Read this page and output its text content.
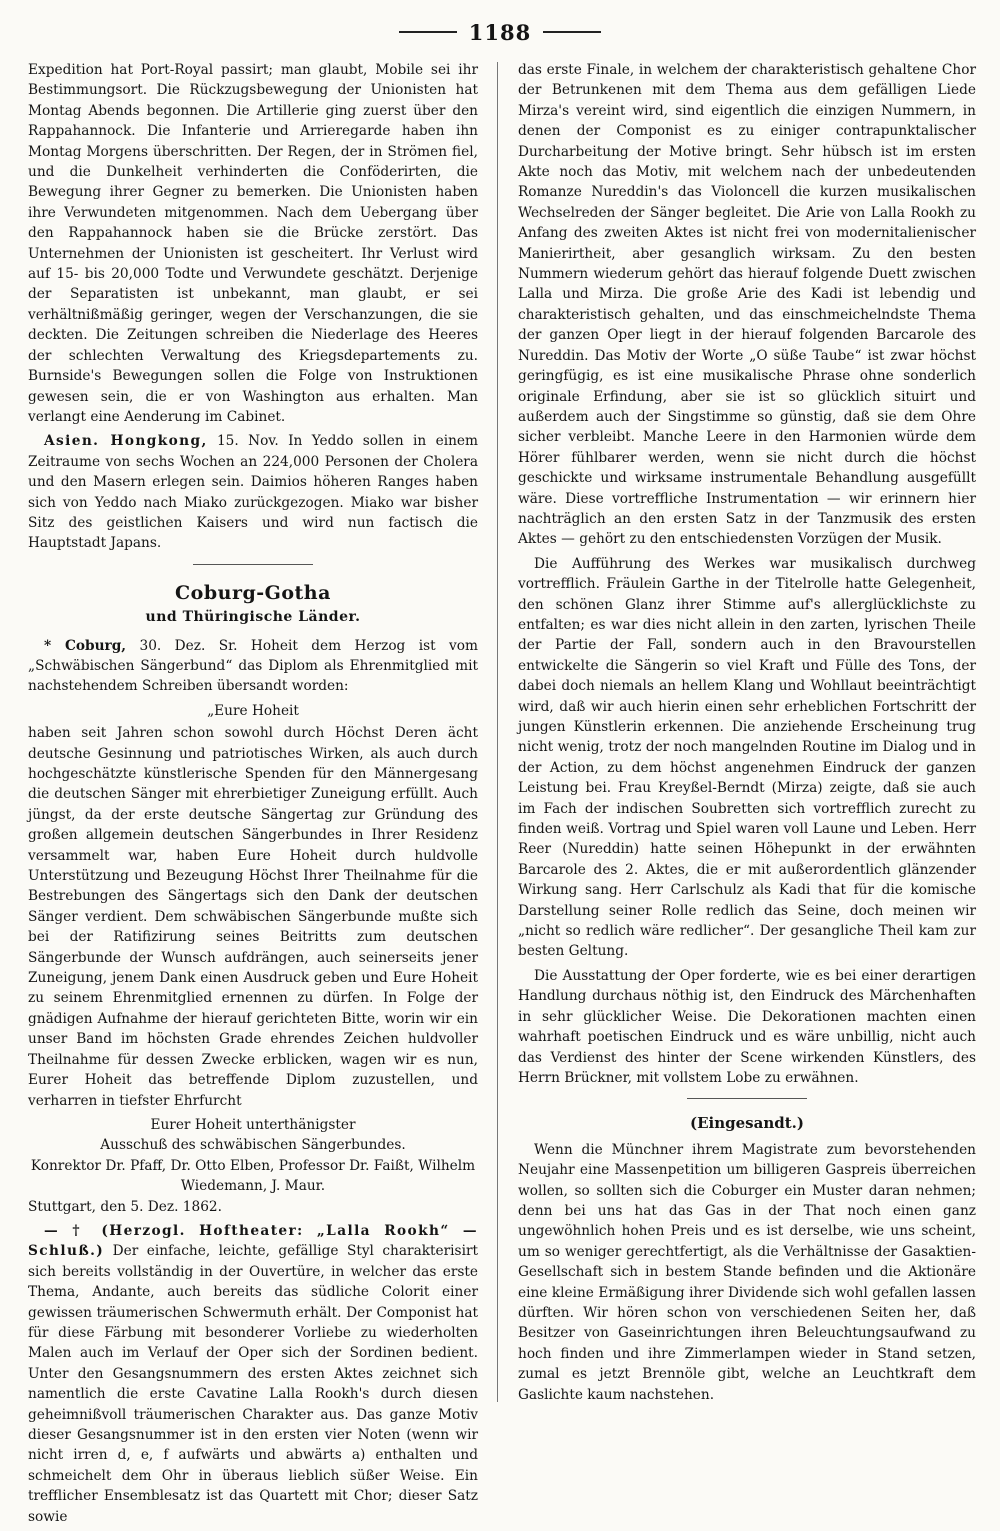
1188

Expedition hat Port-Royal passirt; man glaubt, Mobile sei ihr Bestimmungsort. Die Rückzugsbewegung der Unionisten hat Montag Abends begonnen. Die Artillerie ging zuerst über den Rappahannock. Die Infanterie und Arrieregarde haben ihn Montag Morgens überschritten. Der Regen, der in Strömen fiel, und die Dunkelheit verhinderten die Conföderirten, die Bewegung ihrer Gegner zu bemerken. Die Unionisten haben ihre Verwundeten mitgenommen. Nach dem Uebergang über den Rappahannock haben sie die Brücke zerstört. Das Unternehmen der Unionisten ist gescheitert. Ihr Verlust wird auf 15- bis 20,000 Todte und Verwundete geschätzt. Derjenige der Separatisten ist unbekannt, man glaubt, er sei verhältnißmäßig geringer, wegen der Verschanzungen, die sie deckten. Die Zeitungen schreiben die Niederlage des Heeres der schlechten Verwaltung des Kriegsdepartements zu. Burnside's Bewegungen sollen die Folge von Instruktionen gewesen sein, die er von Washington aus erhalten. Man verlangt eine Aenderung im Cabinet.

Asien. Hongkong, 15. Nov. In Yeddo sollen in einem Zeitraume von sechs Wochen an 224,000 Personen der Cholera und den Masern erlegen sein. Daimios höheren Ranges haben sich von Yeddo nach Miako zurückgezogen. Miako war bisher Sitz des geistlichen Kaisers und wird nun factisch die Hauptstadt Japans.

Coburg-Gotha
und Thüringische Länder.

* Coburg, 30. Dez. Sr. Hoheit dem Herzog ist vom „Schwäbischen Sängerbund“ das Diplom als Ehrenmitglied mit nachstehendem Schreiben übersandt worden:

„Eure Hoheit

haben seit Jahren schon sowohl durch Höchst Deren ächt deutsche Gesinnung und patriotisches Wirken, als auch durch hochgeschätzte künstlerische Spenden für den Männergesang die deutschen Sänger mit ehrerbietiger Zuneigung erfüllt. Auch jüngst, da der erste deutsche Sängertag zur Gründung des großen allgemein deutschen Sängerbundes in Ihrer Residenz versammelt war, haben Eure Hoheit durch huldvolle Unterstützung und Bezeugung Höchst Ihrer Theilnahme für die Bestrebungen des Sängertags sich den Dank der deutschen Sänger verdient. Dem schwäbischen Sängerbunde mußte sich bei der Ratifizirung seines Beitritts zum deutschen Sängerbunde der Wunsch aufdrängen, auch seinerseits jener Zuneigung, jenem Dank einen Ausdruck geben und Eure Hoheit zu seinem Ehrenmitglied ernennen zu dürfen. In Folge der gnädigen Aufnahme der hierauf gerichteten Bitte, worin wir ein unser Band im höchsten Grade ehrendes Zeichen huldvoller Theilnahme für dessen Zwecke erblicken, wagen wir es nun, Eurer Hoheit das betreffende Diplom zuzustellen, und verharren in tiefster Ehrfurcht

Eurer Hoheit unterthänigster
Ausschuß des schwäbischen Sängerbundes.
Konrektor Dr. Pfaff, Dr. Otto Elben, Professor Dr. Faißt, Wilhelm Wiedemann, J. Maur.
Stuttgart, den 5. Dez. 1862.

— † (Herzogl. Hoftheater: „Lalla Rookh“ — Schluß.) Der einfache, leichte, gefällige Styl charakterisirt sich bereits vollständig in der Ouvertüre, in welcher das erste Thema, Andante, auch bereits das südliche Colorit einer gewissen träumerischen Schwermuth erhält. Der Componist hat für diese Färbung mit besonderer Vorliebe zu wiederholten Malen auch im Verlauf der Oper sich der Sordinen bedient. Unter den Gesangsnummern des ersten Aktes zeichnet sich namentlich die erste Cavatine Lalla Rookh's durch diesen geheimnißvoll träumerischen Charakter aus. Das ganze Motiv dieser Gesangsnummer ist in den ersten vier Noten (wenn wir nicht irren d, e, f aufwärts und abwärts a) enthalten und schmeichelt dem Ohr in überaus lieblich süßer Weise. Ein trefflicher Ensemblesatz ist das Quartett mit Chor; dieser Satz sowie

das erste Finale, in welchem der charakteristisch gehaltene Chor der Betrunkenen mit dem Thema aus dem gefälligen Liede Mirza's vereint wird, sind eigentlich die einzigen Nummern, in denen der Componist es zu einiger contrapunktalischer Durcharbeitung der Motive bringt. Sehr hübsch ist im ersten Akte noch das Motiv, mit welchem nach der unbedeutenden Romanze Nureddin's das Violoncell die kurzen musikalischen Wechselreden der Sänger begleitet. Die Arie von Lalla Rookh zu Anfang des zweiten Aktes ist nicht frei von modernitalienischer Manierirtheit, aber gesanglich wirksam. Zu den besten Nummern wiederum gehört das hierauf folgende Duett zwischen Lalla und Mirza. Die große Arie des Kadi ist lebendig und charakteristisch gehalten, und das einschmeichelndste Thema der ganzen Oper liegt in der hierauf folgenden Barcarole des Nureddin. Das Motiv der Worte „O süße Taube“ ist zwar höchst geringfügig, es ist eine musikalische Phrase ohne sonderlich originale Erfindung, aber sie ist so glücklich situirt und außerdem auch der Singstimme so günstig, daß sie dem Ohre sicher verbleibt. Manche Leere in den Harmonien würde dem Hörer fühlbarer werden, wenn sie nicht durch die höchst geschickte und wirksame instrumentale Behandlung ausgefüllt wäre. Diese vortreffliche Instrumentation — wir erinnern hier nachträglich an den ersten Satz in der Tanzmusik des ersten Aktes — gehört zu den entschiedensten Vorzügen der Musik.

Die Aufführung des Werkes war musikalisch durchweg vortrefflich. Fräulein Garthe in der Titelrolle hatte Gelegenheit, den schönen Glanz ihrer Stimme auf's allerglücklichste zu entfalten; es war dies nicht allein in den zarten, lyrischen Theile der Partie der Fall, sondern auch in den Bravourstellen entwickelte die Sängerin so viel Kraft und Fülle des Tons, der dabei doch niemals an hellem Klang und Wohllaut beeinträchtigt wird, daß wir auch hierin einen sehr erheblichen Fortschritt der jungen Künstlerin erkennen. Die anziehende Erscheinung trug nicht wenig, trotz der noch mangelnden Routine im Dialog und in der Action, zu dem höchst angenehmen Eindruck der ganzen Leistung bei. Frau Kreyßel-Berndt (Mirza) zeigte, daß sie auch im Fach der indischen Soubretten sich vortrefflich zurecht zu finden weiß. Vortrag und Spiel waren voll Laune und Leben. Herr Reer (Nureddin) hatte seinen Höhepunkt in der erwähnten Barcarole des 2. Aktes, die er mit außerordentlich glänzender Wirkung sang. Herr Carlschulz als Kadi that für die komische Darstellung seiner Rolle redlich das Seine, doch meinen wir „nicht so redlich wäre redlicher“. Der gesangliche Theil kam zur besten Geltung.

Die Ausstattung der Oper forderte, wie es bei einer derartigen Handlung durchaus nöthig ist, den Eindruck des Märchenhaften in sehr glücklicher Weise. Die Dekorationen machten einen wahrhaft poetischen Eindruck und es wäre unbillig, nicht auch das Verdienst des hinter der Scene wirkenden Künstlers, des Herrn Brückner, mit vollstem Lobe zu erwähnen.

(Eingesandt.)

Wenn die Münchner ihrem Magistrate zum bevorstehenden Neujahr eine Massenpetition um billigeren Gaspreis überreichen wollen, so sollten sich die Coburger ein Muster daran nehmen; denn bei uns hat das Gas in der That noch einen ganz ungewöhnlich hohen Preis und es ist derselbe, wie uns scheint, um so weniger gerechtfertigt, als die Verhältnisse der Gasaktien-Gesellschaft sich in bestem Stande befinden und die Aktionäre eine kleine Ermäßigung ihrer Dividende sich wohl gefallen lassen dürften. Wir hören schon von verschiedenen Seiten her, daß Besitzer von Gaseinrichtungen ihren Beleuchtungsaufwand zu hoch finden und ihre Zimmerlampen wieder in Stand setzen, zumal es jetzt Brennöle gibt, welche an Leuchtkraft dem Gaslichte kaum nachstehen.
